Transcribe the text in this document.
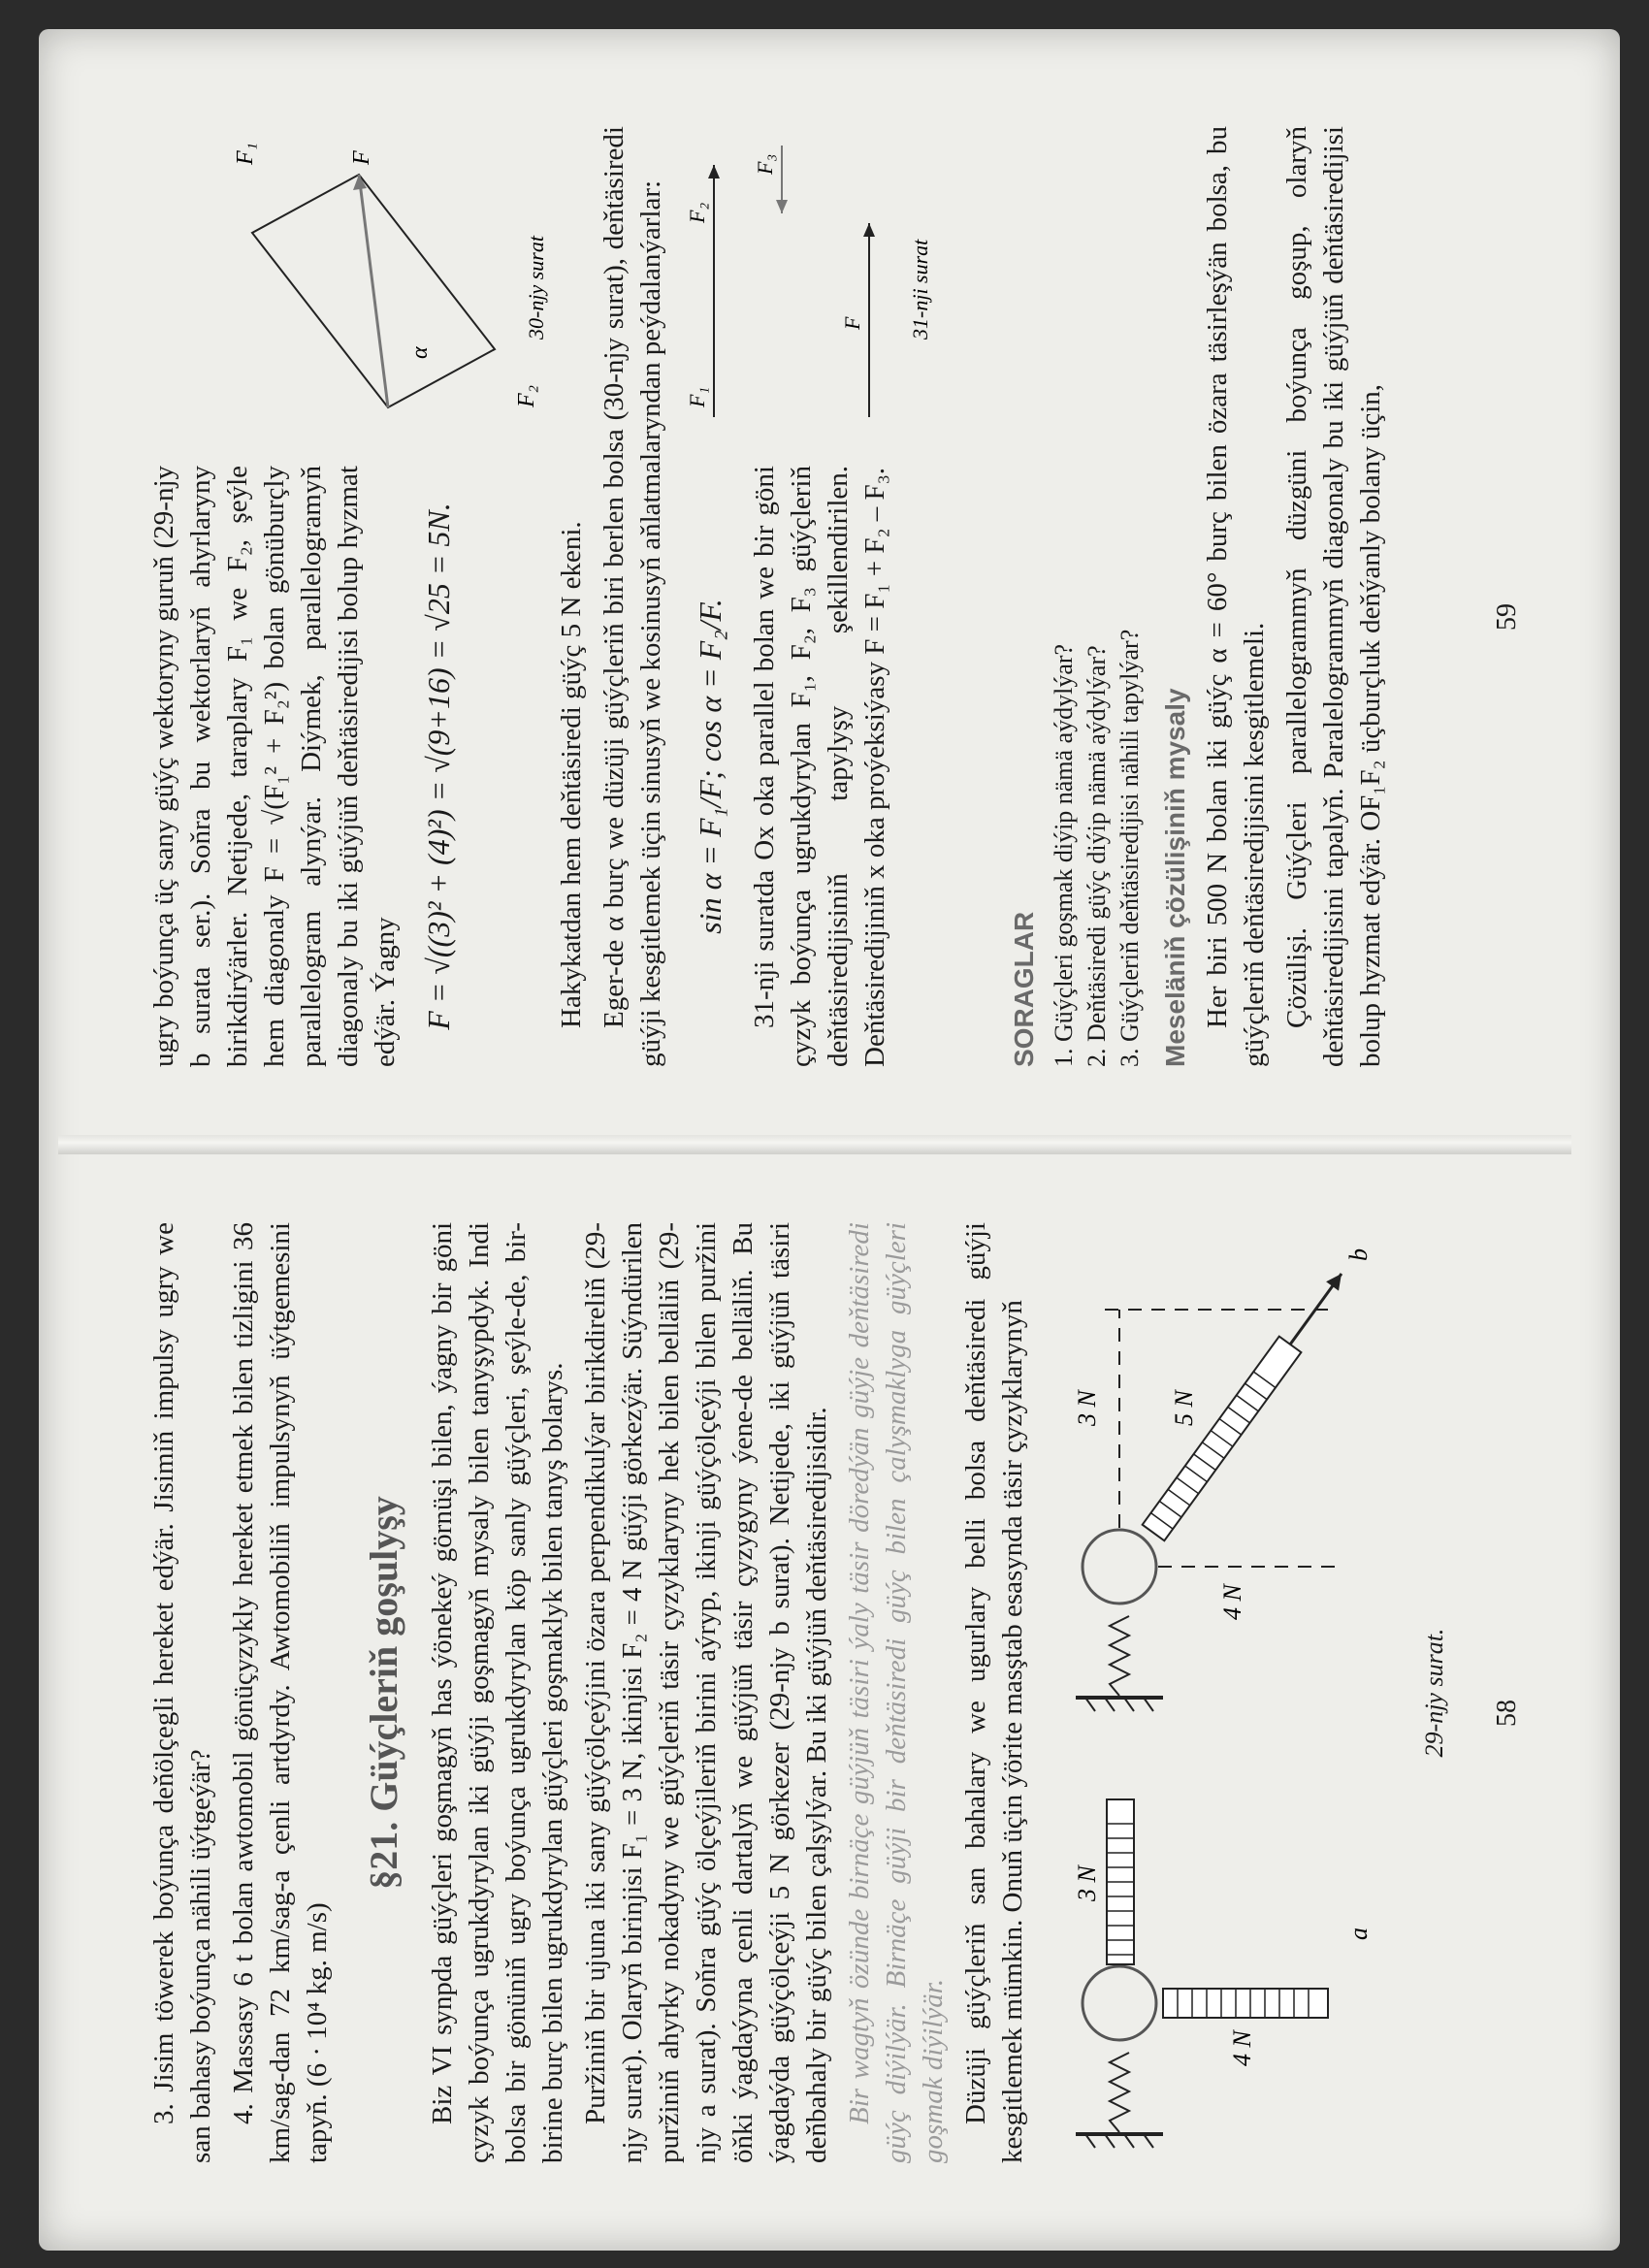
3. Jisim töwerek boýunça deňölçegli hereket edýär. Jisimiň impulsy ugry we san bahasy boýunça nähili üýtgeýär? 4. Massasy 6 t bolan awtomobil gönüçyzykly hereket etmek bilen tizligini 36 km/sag-dan 72 km/sag-a çenli artdyrdy. Awtomobiliň impulsynyň üýtgemesini tapyň. (6 · 10⁴ kg. m/s)

§21. Güýçleriň goşulyşy Biz VI synpda güýçleri goşmagyň has ýönekeý görnüşi bilen, ýagny bir göni çyzyk boýunça ugrukdyrylan iki güýji goşmagyň mysaly bilen tanyşypdyk. Indi bolsa bir gönüniň ugry boýunça ugrukdyrylan köp sanly güýçleri, şeýle-de, bir-birine burç bilen ugrukdyrylan güýçleri goşmaklyk bilen tanyş bolarys. Puržiniň bir ujuna iki sany güýçölçeýjini özara perpendikulýar birikdireliň (29-njy surat). Olaryň birinjisi F₁ = 3 N, ikinjisi F₂ = 4 N güýji görkezýär. Süýndürilen puržiniň ahyrky nokadyny we güýçleriň täsir çyzyklaryny hek bilen belläliň (29-njy a surat). Soňra güýç ölçeýjileriň birini aýryp, ikinji güýçölçeýji bilen puržini öňki ýagdaýyna çenli dartalyň we güýjüň täsir çyzygyny ýene-de belläliň. Bu ýagdaýda güýçölçeýji 5 N görkezer (29-njy b surat). Netijede, iki güýjüň täsiri deňbahaly bir güýç bilen çalşylýar. Bu iki güýjüň deňtäsiredijisidir. Bir wagtyň özünde birnäçe güýjüň täsiri ýaly täsir döredýän güýje deňtäsiredi güýç diýilýär. Birnäçe güýji bir deňtäsiredi güýç bilen çalyşmaklyga güýçleri goşmak diýilýär. Düzüji güýçleriň san bahalary we ugurlary belli bolsa deňtäsiredi güýji kesgitlemek mümkin. Onuň üçin ýörite masştab esasynda täsir çyzyklarynyň 3 N
4 N
a
3 N
4 N
5 N
b
29-njy surat. 58

ugry boýunça üç sany güýç wektoryny guruň (29-njy b surata ser.). Soňra bu wektorlaryň ahyrlaryny birikdirýärler. Netijede, taraplary F₁ we F₂, şeýle hem diagonaly F = √(F₁² + F₂²) bolan gönüburçly parallelogram alynýar. Diýmek, parallelogramyň diagonaly bu iki güýjüň deňtäsiredijisi bolup hyzmat edýär. Ýagny F = √((3)² + (4)²) = √(9+16) = √25 = 5N.
α
F₂
F₁	F
30-njy surat

Hakykatdan hem deňtäsiredi güýç 5 N ekeni. Eger-de α burç we düzüji güýçleriň biri berlen bolsa (30-njy surat), deňtäsiredi güýji kesgitlemek üçin sinusyň we kosinusyň aňlatmalaryndan peýdalanýarlar: sin α = F₁/F; cos α = F₂/F. 31-nji suratda Ox oka parallel bolan we bir göni çyzyk boýunça ugrukdyrylan F₁, F₂, F₃ güýçleriň deňtäsiredijisiniň tapylyşy şekillendirilen. Deňtäsiredijiniň x oka proýeksiýasy F = F₁ + F₂ – F₃.

F₁
F₂
F₃
F 31-nji surat
SORAGLAR 1. Güýçleri goşmak diýip nämä aýdylýar? 2. Deňtäsiredi güýç diýip nämä aýdylýar? 3. Güýçleriň deňtäsiredijisi nähili tapylýar? Meseläniň çözülişiniň mysaly Her biri 500 N bolan iki güýç α = 60° burç bilen özara täsirleşýän bolsa, bu güýçleriň deňtäsiredijisini kesgitlemeli. Çözülişi. Güýçleri parallelogrammyň düzgüni boýunça goşup, olaryň deňtäsiredijisini tapalyň. Paralelogrammyň diagonaly bu iki güýjüň deňtäsiredijisi bolup hyzmat edýär. OF₁F₂ üçburçluk deňýanly bolany üçin,	59
